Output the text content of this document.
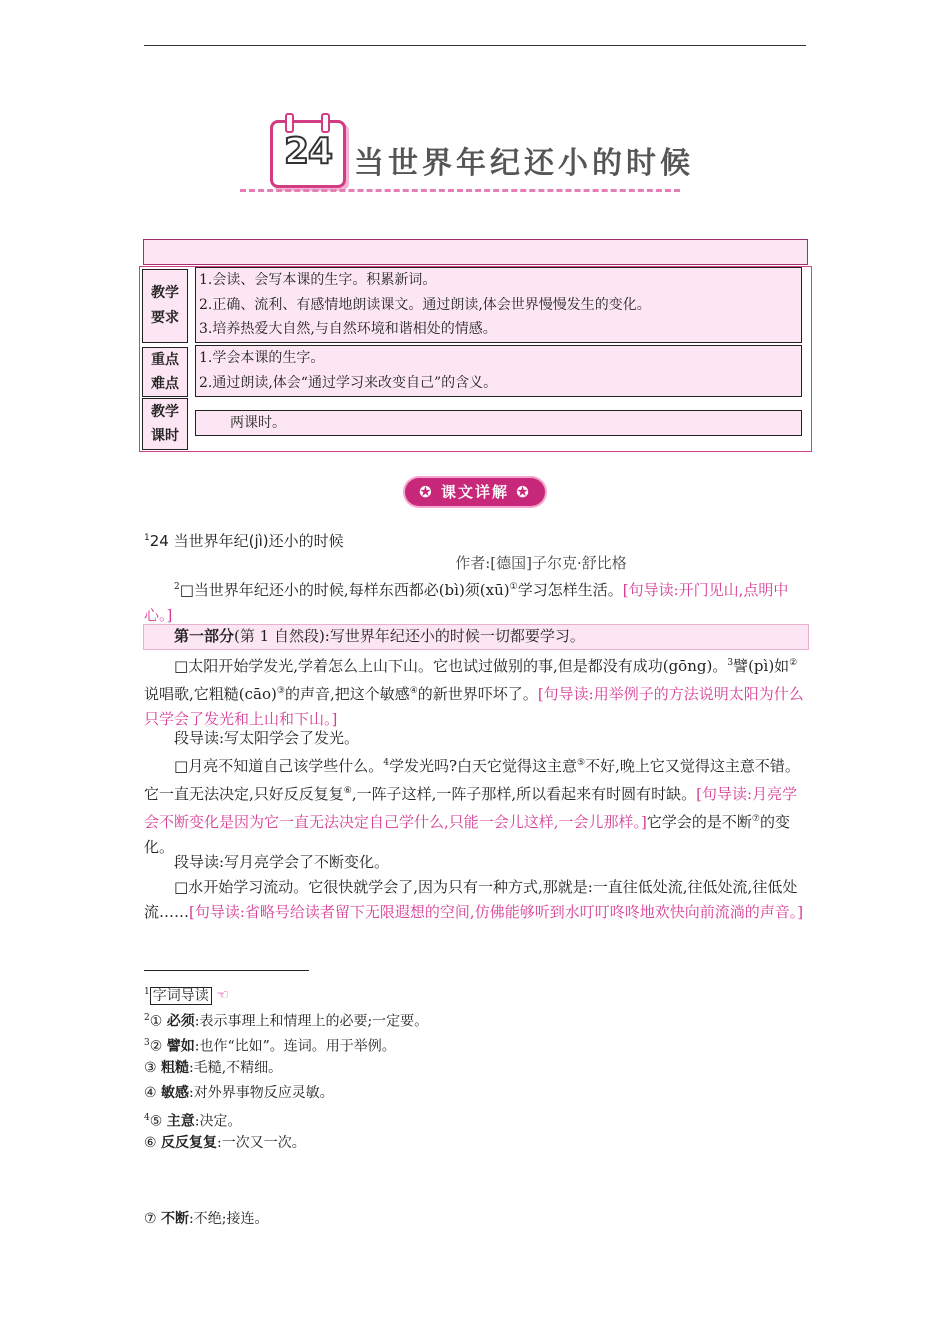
24 当世界年纪还小的时候
教学要求
1.会读、会写本课的生字。积累新词。
2.正确、流利、有感情地朗读课文。通过朗读,体会世界慢慢发生的变化。
3.培养热爱大自然,与自然环境和谐相处的情感。
重点难点
1.学会本课的生字。
2.通过朗读,体会“通过学习来改变自己”的含义。
教学课时
两课时。
✪ 课文详解 ✪
$^1$24 当世界年纪(jì)还小的时候
作者:[德国]子尔克·舒比格
$^2$□当世界年纪还小的时候,每样东西都必(bì)须(xū)①学习怎样生活。[句导读:开门见山,点明中心。]
第一部分(第 1 自然段):写世界年纪还小的时候一切都要学习。
□太阳开始学发光,学着怎么上山下山。它也试过做别的事,但是都没有成功(gōng)。$^3$譬(pì)如②说唱歌,它粗糙(cāo)③的声音,把这个敏感④的新世界吓坏了。[句导读:用举例子的方法说明太阳为什么只学会了发光和上山和下山。]
段导读:写太阳学会了发光。
□月亮不知道自己该学些什么。$^4$学发光吗?白天它觉得这主意⑤不好,晚上它又觉得这主意不错。它一直无法决定,只好反反复复⑥,一阵子这样,一阵子那样,所以看起来有时圆有时缺。[句导读:月亮学会不断变化是因为它一直无法决定自己学什么,只能一会儿这样,一会儿那样。]它学会的是不断⑦的变化。
段导读:写月亮学会了不断变化。
□水开始学习流动。它很快就学会了,因为只有一种方式,那就是:一直往低处流,往低处流,往低处流……[句导读:省略号给读者留下无限遐想的空间,仿佛能够听到水叮叮咚咚地欢快向前流淌的声音。]
$^1$ 字词导读 ☜
$^2$① 必须:表示事理上和情理上的必要;一定要。
$^3$② 譬如:也作“比如”。连词。用于举例。
③ 粗糙:毛糙,不精细。
④ 敏感:对外界事物反应灵敏。
$^4$⑤ 主意:决定。
⑥ 反反复复:一次又一次。
⑦ 不断:不绝;接连。
